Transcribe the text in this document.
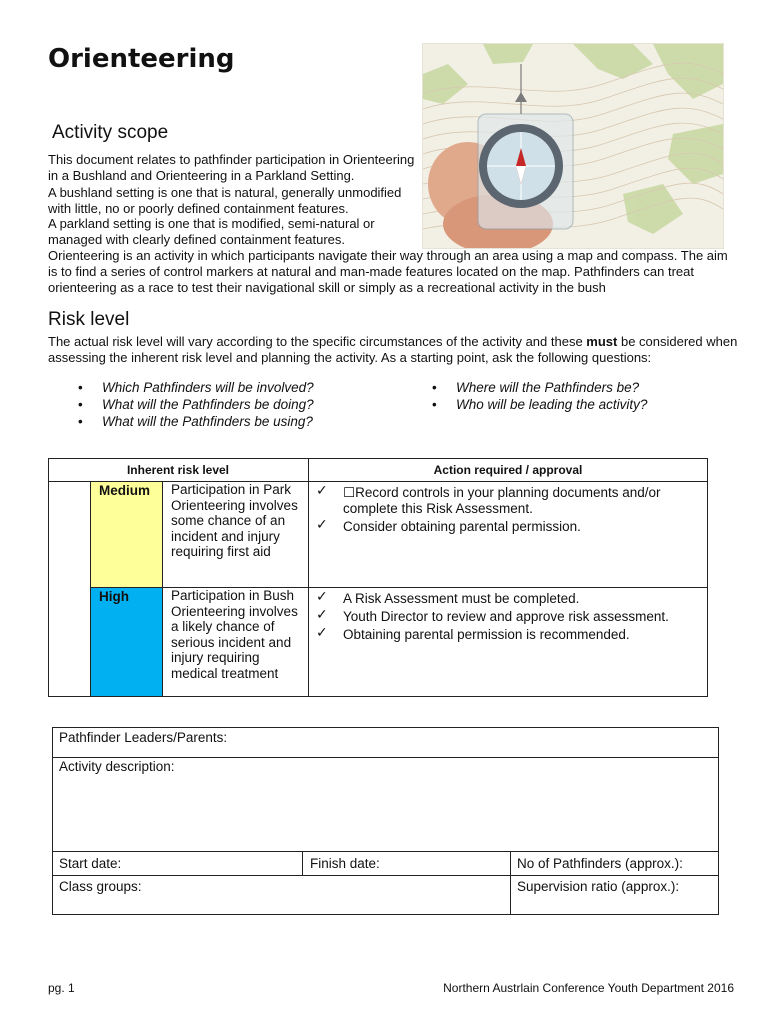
Orienteering
Activity scope

This document relates to pathfinder participation in Orienteering in a Bushland and Orienteering in a Parkland Setting.

A bushland setting is one that is natural, generally unmodified with little, no or poorly defined containment features.

A parkland setting is one that is modified, semi-natural or managed with clearly defined containment features.

Orienteering is an activity in which participants navigate their way through an area using a map and compass. The aim is to find a series of control markers at natural and man-made features located on the map. Pathfinders can treat orienteering as a race to test their navigational skill or simply as a recreational activity in the bush

Risk level

The actual risk level will vary according to the specific circumstances of the activity and these must be considered when assessing the inherent risk level and planning the activity. As a starting point, ask the following questions:

• Which Pathfinders will be involved?
• What will the Pathfinders be doing?
• What will the Pathfinders be using?
• Where will the Pathfinders be?
• Who will be leading the activity?
Inherent risk level	Action required / approval
Medium Participation in Park Orienteering involves some chance of an incident and injury requiring first aid
✓ ☐Record controls in your planning documents and/or complete this Risk Assessment.
✓ Consider obtaining parental permission.
High	Participation in Bush Orienteering involves a likely chance of serious incident and injury requiring medical treatment
✓ A Risk Assessment must be completed.
✓ Youth Director to review and approve risk assessment.
✓ Obtaining parental permission is recommended.
Pathfinder Leaders/Parents:
Activity description:
Start date:	Finish date:	No of Pathfinders (approx.):
Class groups:	Supervision ratio (approx.):
pg. 1	Northern Austrlain Conference Youth Department 2016
